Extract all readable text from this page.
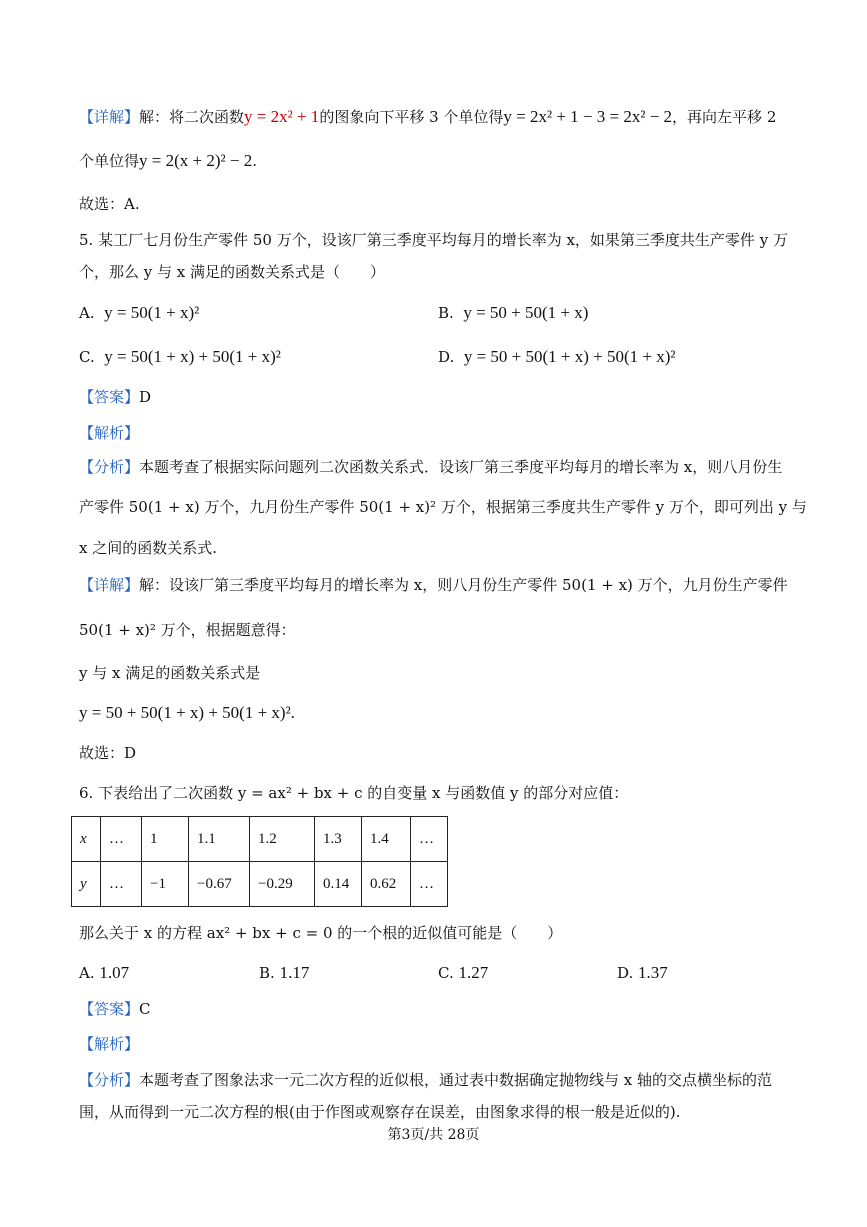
【详解】解：将二次函数y = 2x² + 1的图象向下平移 3 个单位得y = 2x² + 1 − 3 = 2x² − 2，再向左平移 2
个单位得y = 2(x + 2)² − 2.
故选：A.
5. 某工厂七月份生产零件 50 万个，设该厂第三季度平均每月的增长率为 x，如果第三季度共生产零件 y 万
个，那么 y 与 x 满足的函数关系式是（　　）
A. y = 50(1 + x)²	B. y = 50 + 50(1 + x)
C. y = 50(1 + x) + 50(1 + x)²	D. y = 50 + 50(1 + x) + 50(1 + x)²
【答案】D
【解析】
【分析】本题考查了根据实际问题列二次函数关系式．设该厂第三季度平均每月的增长率为 x，则八月份生
产零件 50(1 + x) 万个，九月份生产零件 50(1 + x)² 万个，根据第三季度共生产零件 y 万个，即可列出 y 与
x 之间的函数关系式.
【详解】解：设该厂第三季度平均每月的增长率为 x，则八月份生产零件 50(1 + x) 万个，九月份生产零件
50(1 + x)² 万个，根据题意得：
y 与 x 满足的函数关系式是
y = 50 + 50(1 + x) + 50(1 + x)².
故选：D
6. 下表给出了二次函数 y = ax² + bx + c 的自变量 x 与函数值 y 的部分对应值：
x	…	1	1.1	1.2	1.3	1.4	…
y	…	−1	−0.67	−0.29	0.14	0.62	…
那么关于 x 的方程 ax² + bx + c = 0 的一个根的近似值可能是（　　）
A. 1.07	B. 1.17	C. 1.27	D. 1.37
【答案】C
【解析】
【分析】本题考查了图象法求一元二次方程的近似根，通过表中数据确定抛物线与 x 轴的交点横坐标的范
围，从而得到一元二次方程的根(由于作图或观察存在误差，由图象求得的根一般是近似的).
第3页/共 28页
